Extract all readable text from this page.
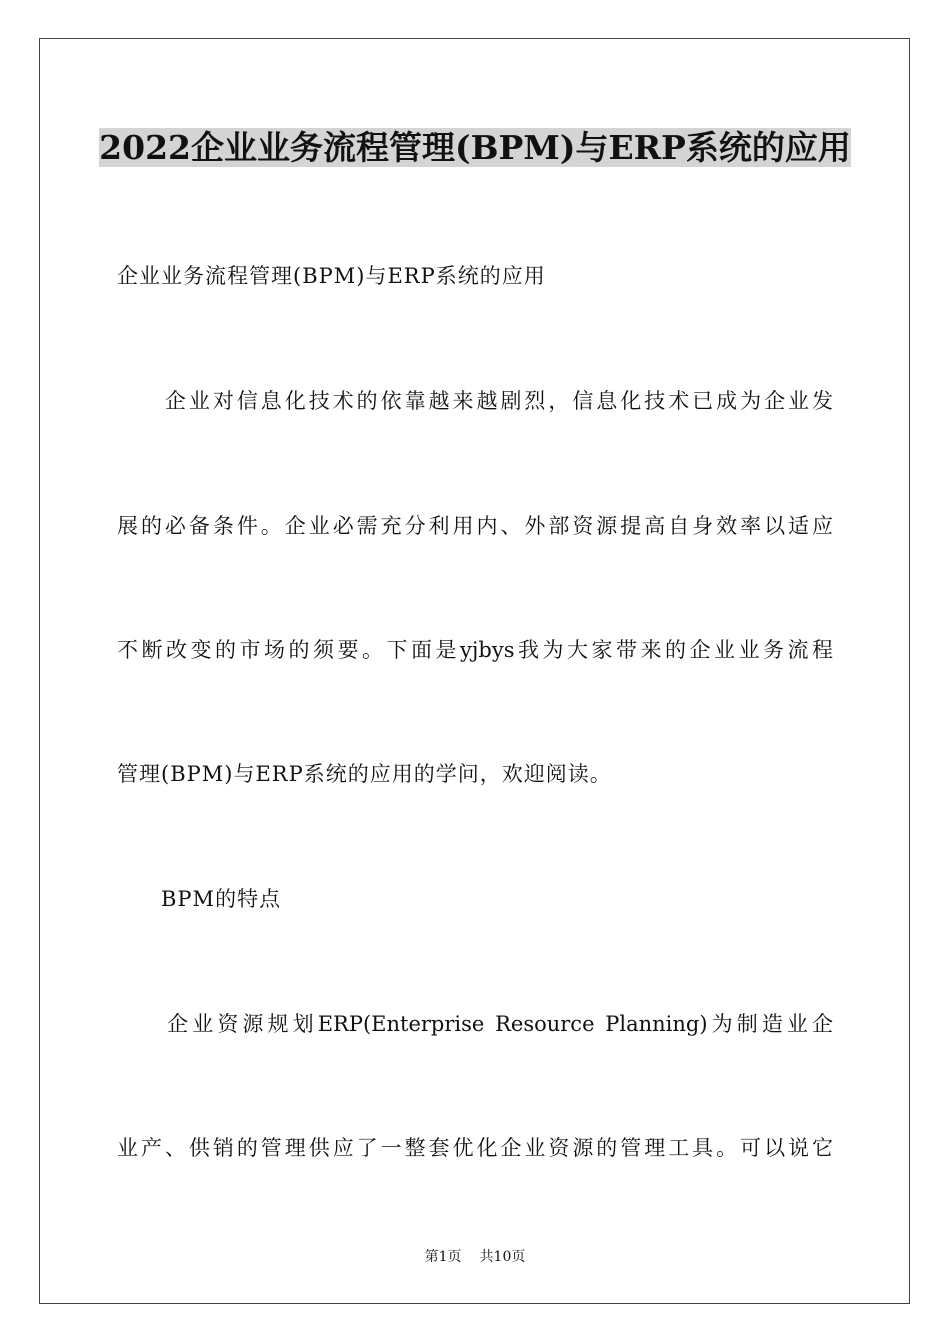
2022企业业务流程管理(BPM)与ERP系统的应用

企业业务流程管理(BPM)与ERP系统的应用

　　企业对信息化技术的依靠越来越剧烈，信息化技术已成为企业发

展的必备条件。企业必需充分利用内、外部资源提高自身效率以适应

不断改变的市场的须要。下面是yjbys我为大家带来的企业业务流程

管理(BPM)与ERP系统的应用的学问，欢迎阅读。

　　BPM的特点

　　企业资源规划ERP(Enterprise Resource Planning)为制造业企

业产、供销的管理供应了一整套优化企业资源的管理工具。可以说它

第1页 共10页
